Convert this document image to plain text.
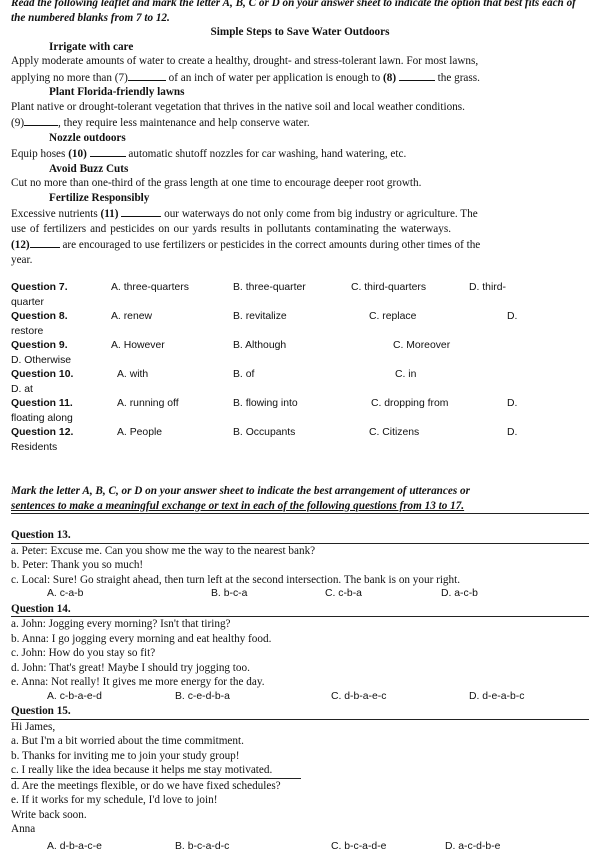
Read the following leaflet and mark the letter A, B, C or D on your answer sheet to indicate the option that best fits each of the numbered blanks from 7 to 12.
Simple Steps to Save Water Outdoors
Irrigate with care
Apply moderate amounts of water to create a healthy, drought- and stress-tolerant lawn. For most lawns,
applying no more than (7)	of an inch of water per application is enough to (8)	the grass.
Plant Florida-friendly lawns
Plant native or drought-tolerant vegetation that thrives in the native soil and local weather conditions.
(9)	, they require less maintenance and help conserve water.
Nozzle outdoors
Equip hoses (10)	automatic shutoff nozzles for car washing, hand watering, etc.
Avoid Buzz Cuts
Cut no more than one-third of the grass length at one time to encourage deeper root growth.
Fertilize Responsibly
Excessive nutrients (11)	our waterways do not only come from big industry or agriculture. The
use of fertilizers and pesticides on our yards results in pollutants contaminating the waterways.
(12)	are encouraged to use fertilizers or pesticides in the correct amounts during other times of the
year.
Question 7.	A. three-quarters	B. three-quarter	C. third-quarters	D. third-
quarter
Question 8.	A. renew	B. revitalize	C. replace	D.
restore
Question 9.	A. However	B. Although	C. Moreover
D. Otherwise
Question 10.	A. with	B. of	C. in
D. at
Question 11.	A. running off	B. flowing into	C. dropping from	D.
floating along
Question 12.	A. People	B. Occupants	C. Citizens	D.
Residents
Mark the letter A, B, C, or D on your answer sheet to indicate the best arrangement of utterances or
sentences to make a meaningful exchange or text in each of the following questions from 13 to 17.
Question 13.
a. Peter: Excuse me. Can you show me the way to the nearest bank?
b. Peter: Thank you so much!
c. Local: Sure! Go straight ahead, then turn left at the second intersection. The bank is on your right.
A. c-a-b	B. b-c-a	C. c-b-a	D. a-c-b
Question 14.
a. John: Jogging every morning? Isn't that tiring?
b. Anna: I go jogging every morning and eat healthy food.
c. John: How do you stay so fit?
d. John: That's great! Maybe I should try jogging too.
e. Anna: Not really! It gives me more energy for the day.
A. c-b-a-e-d	B. c-e-d-b-a	C. d-b-a-e-c	D. d-e-a-b-c
Question 15.
Hi James,
a. But I'm a bit worried about the time commitment.
b. Thanks for inviting me to join your study group!
c. I really like the idea because it helps me stay motivated.
d. Are the meetings flexible, or do we have fixed schedules?
e. If it works for my schedule, I'd love to join!
Write back soon.
Anna
A. d-b-a-c-e	B. b-c-a-d-c	C. b-c-a-d-e	D. a-c-d-b-e
